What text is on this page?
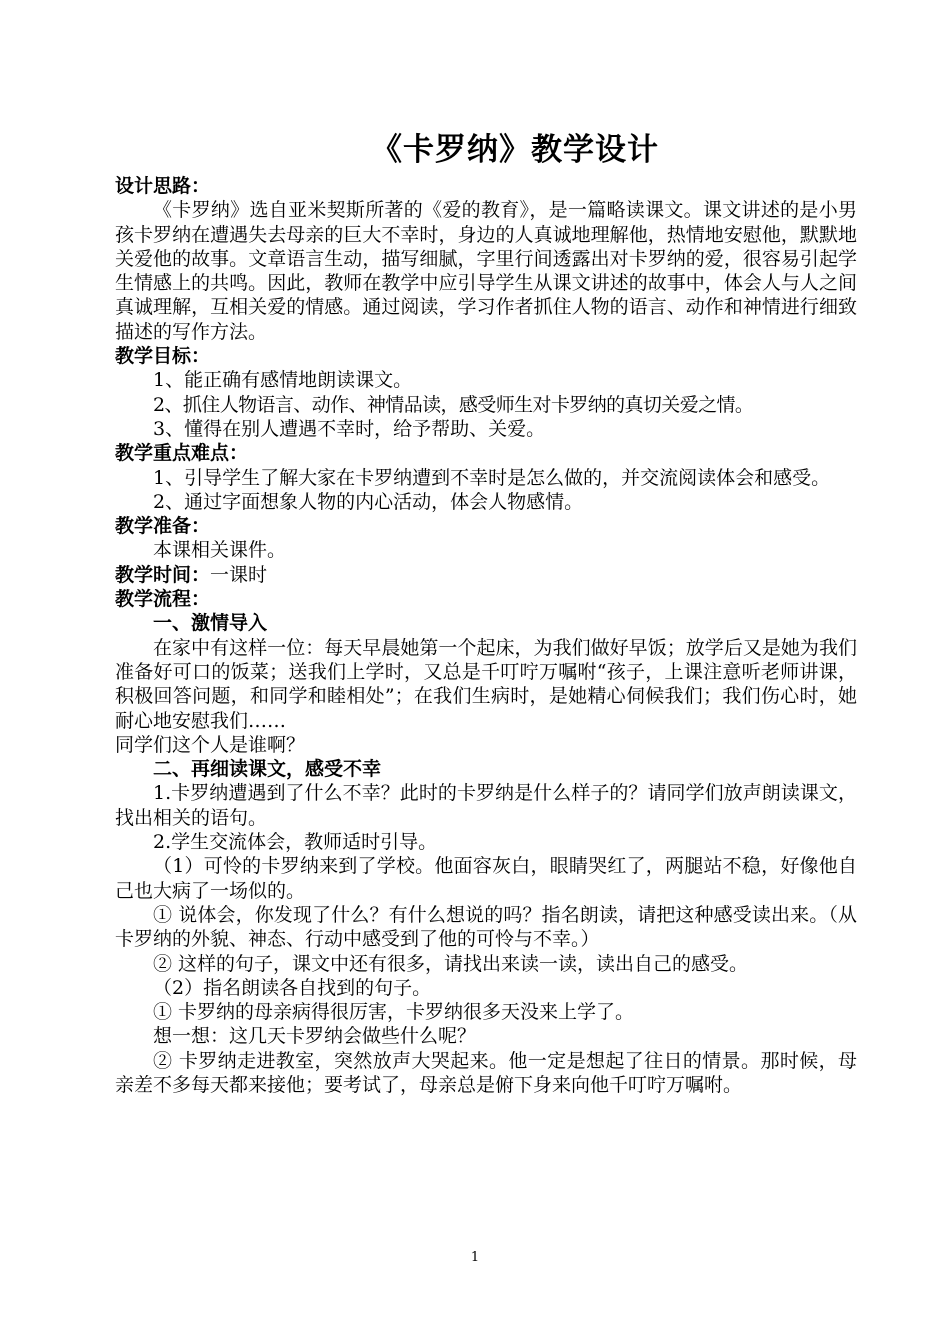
《卡罗纳》教学设计

设计思路：

《卡罗纳》选自亚米契斯所著的《爱的教育》，是一篇略读课文。课文讲述的是小男孩卡罗纳在遭遇失去母亲的巨大不幸时，身边的人真诚地理解他，热情地安慰他，默默地关爱他的故事。文章语言生动，描写细腻，字里行间透露出对卡罗纳的爱，很容易引起学生情感上的共鸣。因此，教师在教学中应引导学生从课文讲述的故事中，体会人与人之间真诚理解，互相关爱的情感。通过阅读，学习作者抓住人物的语言、动作和神情进行细致描述的写作方法。

教学目标：

1、能正确有感情地朗读课文。

2、抓住人物语言、动作、神情品读，感受师生对卡罗纳的真切关爱之情。

3、懂得在别人遭遇不幸时，给予帮助、关爱。

教学重点难点：

1、引导学生了解大家在卡罗纳遭到不幸时是怎么做的，并交流阅读体会和感受。

2、通过字面想象人物的内心活动，体会人物感情。

教学准备：

本课相关课件。

教学时间：一课时

教学流程：

一、激情导入

在家中有这样一位：每天早晨她第一个起床，为我们做好早饭；放学后又是她为我们准备好可口的饭菜；送我们上学时，又总是千叮咛万嘱咐“孩子，上课注意听老师讲课，积极回答问题，和同学和睦相处”；在我们生病时，是她精心伺候我们；我们伤心时，她耐心地安慰我们……

同学们这个人是谁啊？

二、再细读课文，感受不幸

1.卡罗纳遭遇到了什么不幸？此时的卡罗纳是什么样子的？请同学们放声朗读课文，找出相关的语句。

2.学生交流体会，教师适时引导。

（1）可怜的卡罗纳来到了学校。他面容灰白，眼睛哭红了，两腿站不稳，好像他自己也大病了一场似的。

① 说体会，你发现了什么？有什么想说的吗？指名朗读，请把这种感受读出来。（从卡罗纳的外貌、神态、行动中感受到了他的可怜与不幸。）

② 这样的句子，课文中还有很多，请找出来读一读，读出自己的感受。

（2）指名朗读各自找到的句子。

① 卡罗纳的母亲病得很厉害，卡罗纳很多天没来上学了。

想一想：这几天卡罗纳会做些什么呢？

② 卡罗纳走进教室，突然放声大哭起来。他一定是想起了往日的情景。那时候，母亲差不多每天都来接他；要考试了，母亲总是俯下身来向他千叮咛万嘱咐。

1
